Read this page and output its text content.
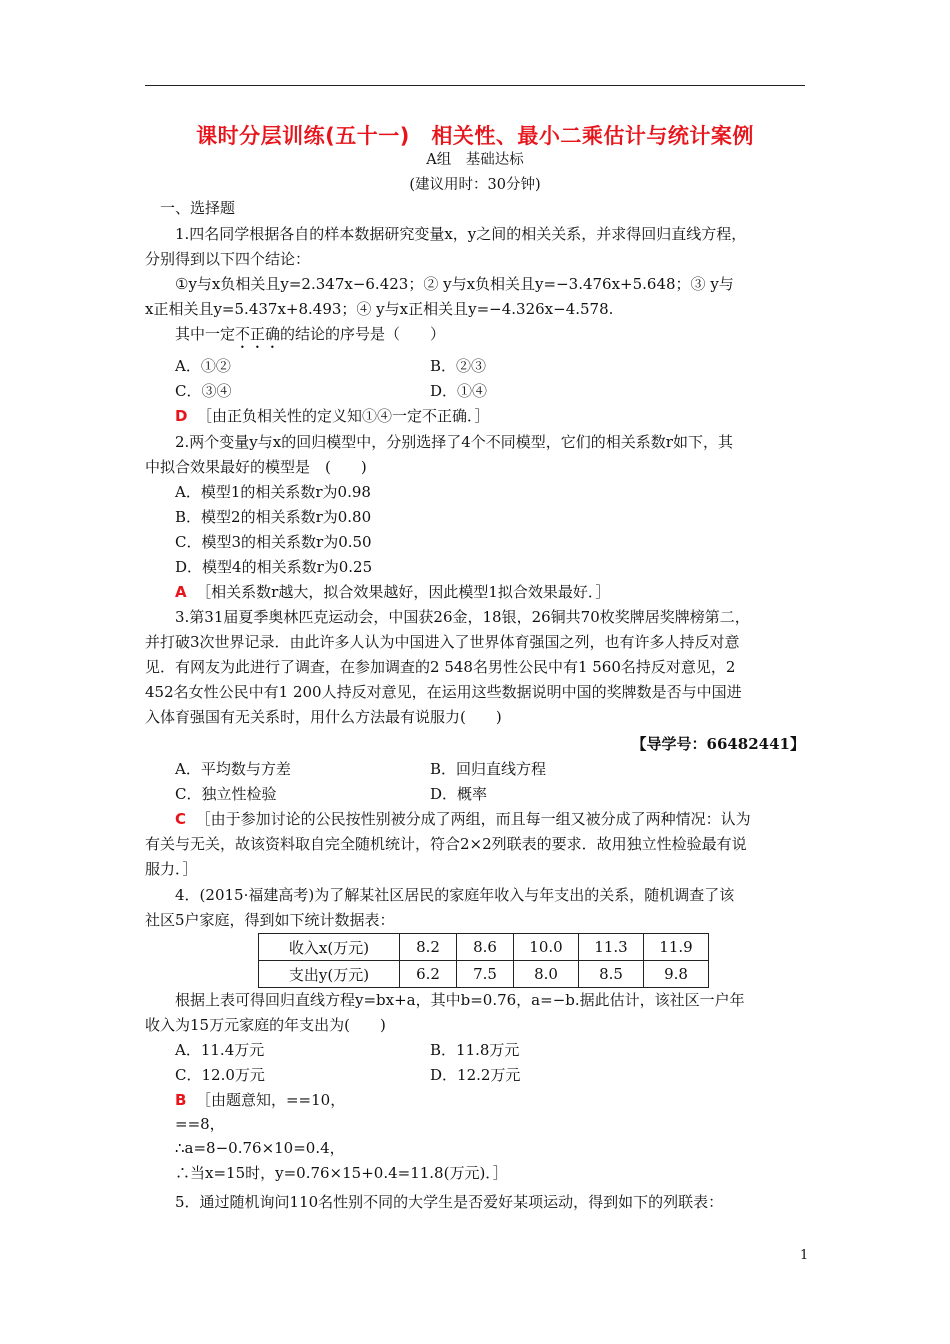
课时分层训练(五十一)　相关性、最小二乘估计与统计案例
A组　基础达标
(建议用时：30分钟)
一、选择题
1.四名同学根据各自的样本数据研究变量x，y之间的相关关系，并求得回归直线方程，
分别得到以下四个结论：
①y与x负相关且y=2.347x−6.423；② y与x负相关且y=−3.476x+5.648；③ y与
x正相关且y=5.437x+8.493；④ y与x正相关且y=−4.326x−4.578.
其中一定不正确的结论的序号是（　　）
A．①②	B．②③
C．③④	D．①④
D ［由正负相关性的定义知①④一定不正确．］
2.两个变量y与x的回归模型中，分别选择了4个不同模型，它们的相关系数r如下，其
中拟合效果最好的模型是　(　　)
A．模型1的相关系数r为0.98
B．模型2的相关系数r为0.80
C．模型3的相关系数r为0.50
D．模型4的相关系数r为0.25
A ［相关系数r越大，拟合效果越好，因此模型1拟合效果最好．］
3.第31届夏季奥林匹克运动会，中国获26金，18银，26铜共70枚奖牌居奖牌榜第二，
并打破3次世界记录．由此许多人认为中国进入了世界体育强国之列，也有许多人持反对意
见．有网友为此进行了调查，在参加调查的2 548名男性公民中有1 560名持反对意见，2
452名女性公民中有1 200人持反对意见，在运用这些数据说明中国的奖牌数是否与中国进
入体育强国有无关系时，用什么方法最有说服力(　　)
【导学号：66482441】
A．平均数与方差	B．回归直线方程
C．独立性检验	D．概率
C ［由于参加讨论的公民按性别被分成了两组，而且每一组又被分成了两种情况：认为
有关与无关，故该资料取自完全随机统计，符合2×2列联表的要求．故用独立性检验最有说
服力．］
4．(2015·福建高考)为了解某社区居民的家庭年收入与年支出的关系，随机调查了该
社区5户家庭，得到如下统计数据表：
收入x(万元)	8.2	8.6	10.0	11.3	11.9
支出y(万元)	6.2	7.5	8.0	8.5	9.8
根据上表可得回归直线方程y=bx+a，其中b=0.76，a=−b.据此估计，该社区一户年
收入为15万元家庭的年支出为(　　)
A．11.4万元	B．11.8万元
C．12.0万元	D．12.2万元
B ［由题意知，==10，
==8，
∴a=8−0.76×10=0.4，
∴当x=15时，y=0.76×15+0.4=11.8(万元)．］
5．通过随机询问110名性别不同的大学生是否爱好某项运动，得到如下的列联表：
1
